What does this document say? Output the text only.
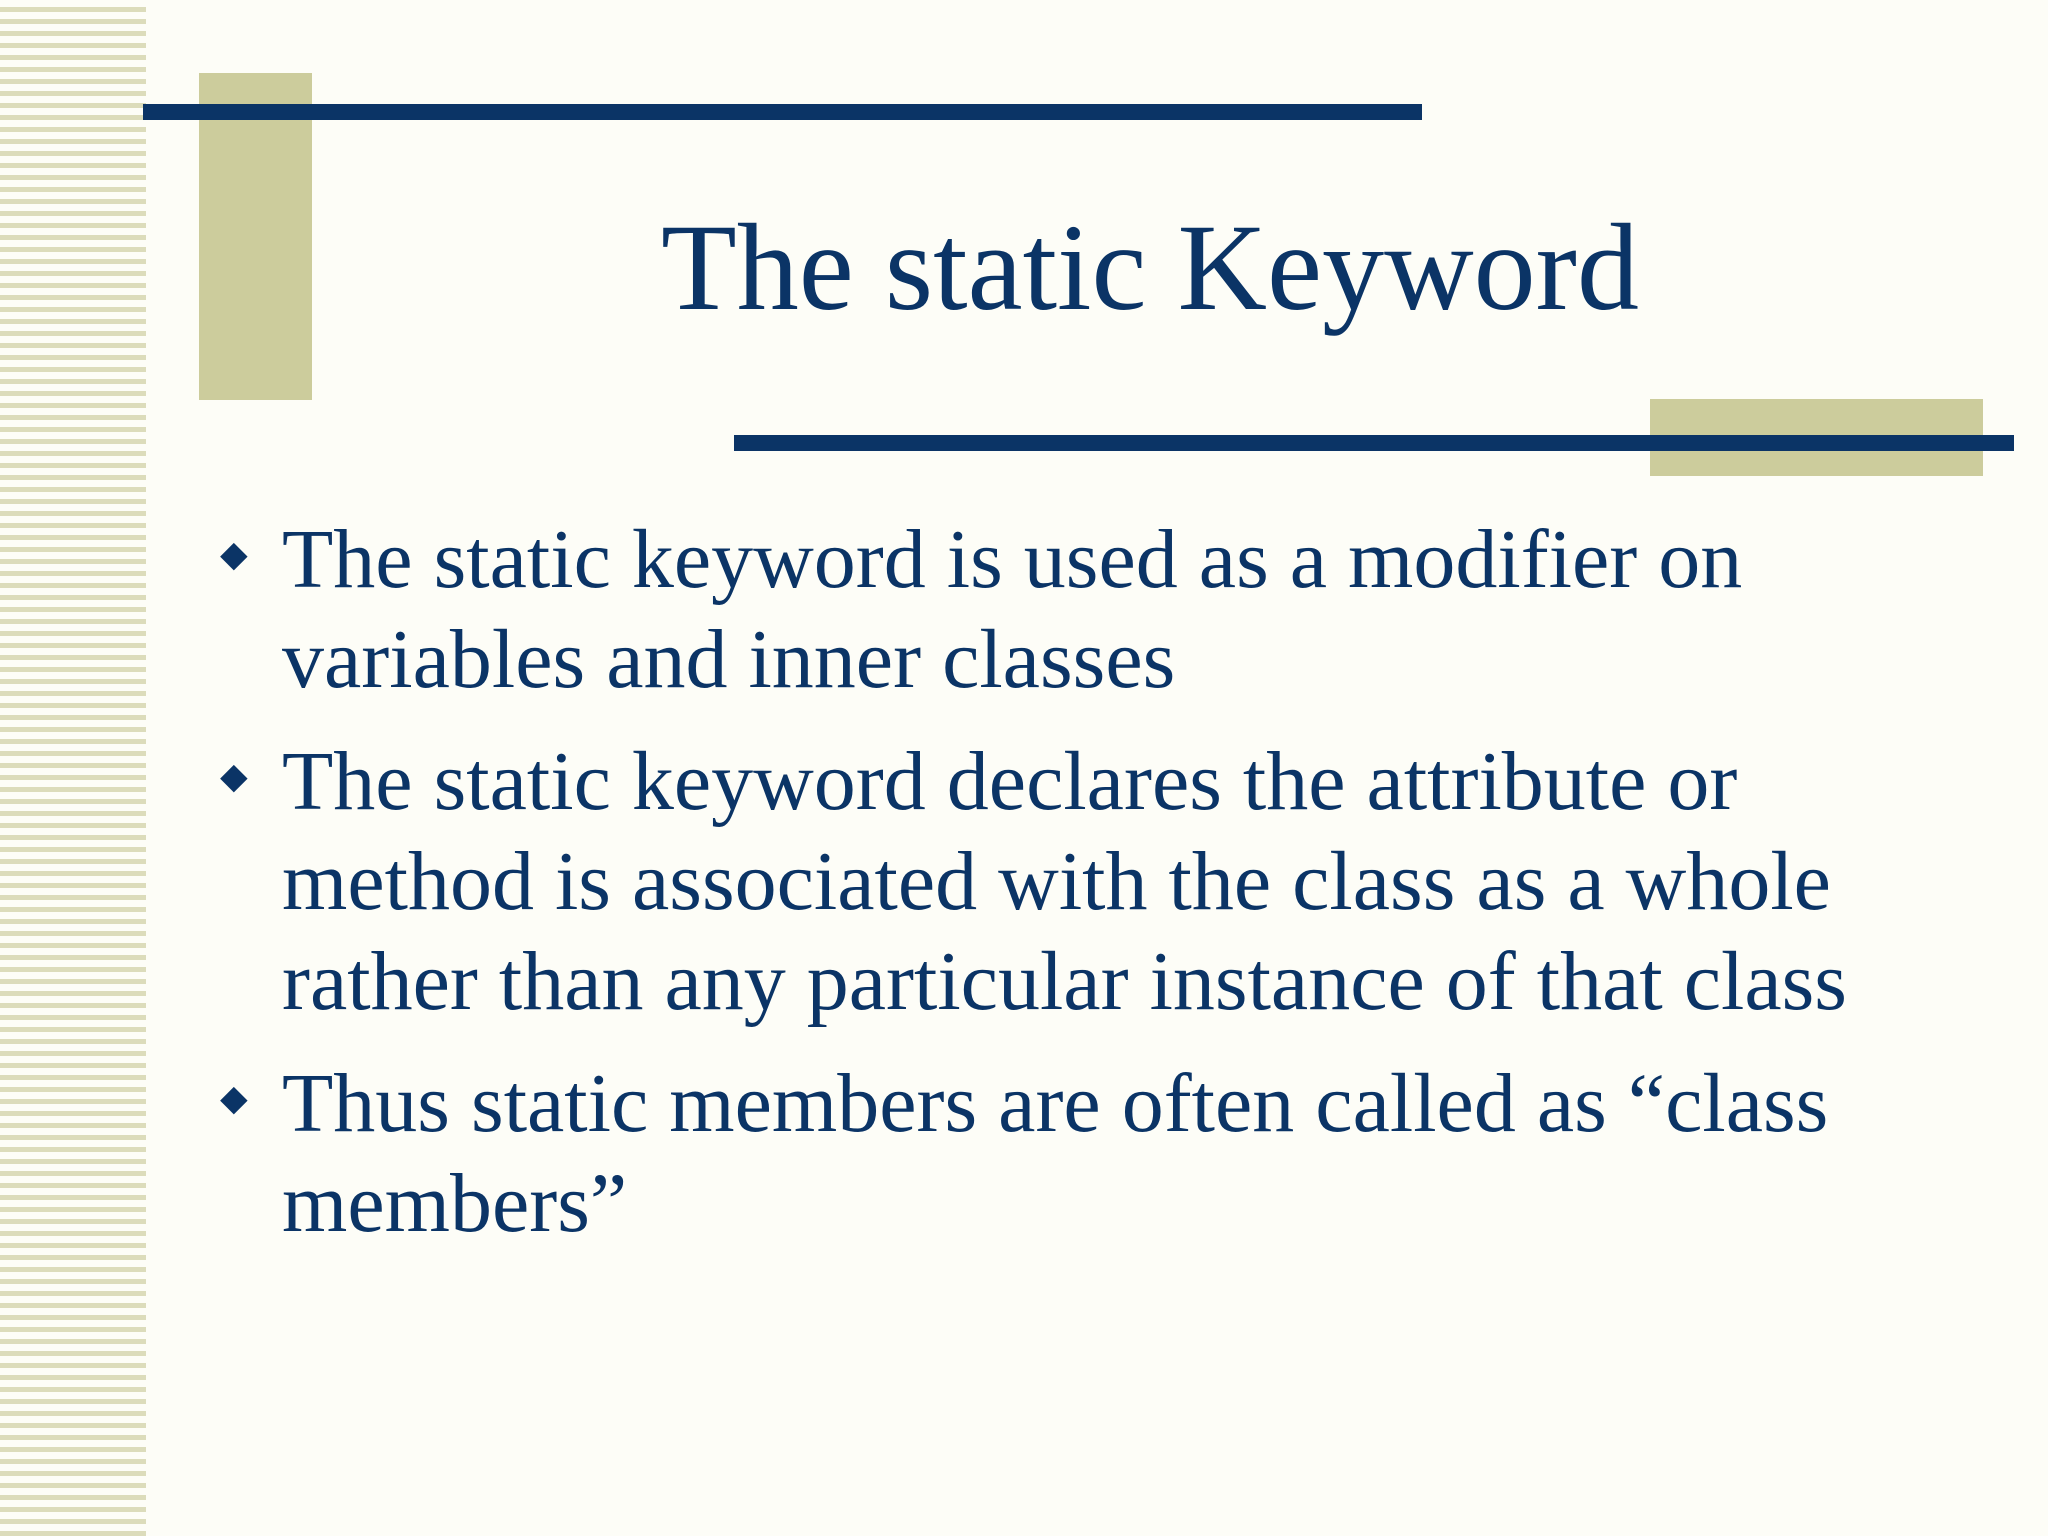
The static Keyword
◆ The static keyword is used as a modifier on variables and inner classes
◆ The static keyword declares the attribute or method is associated with the class as a whole rather than any particular instance of that class
◆ Thus static members are often called as “class members”
